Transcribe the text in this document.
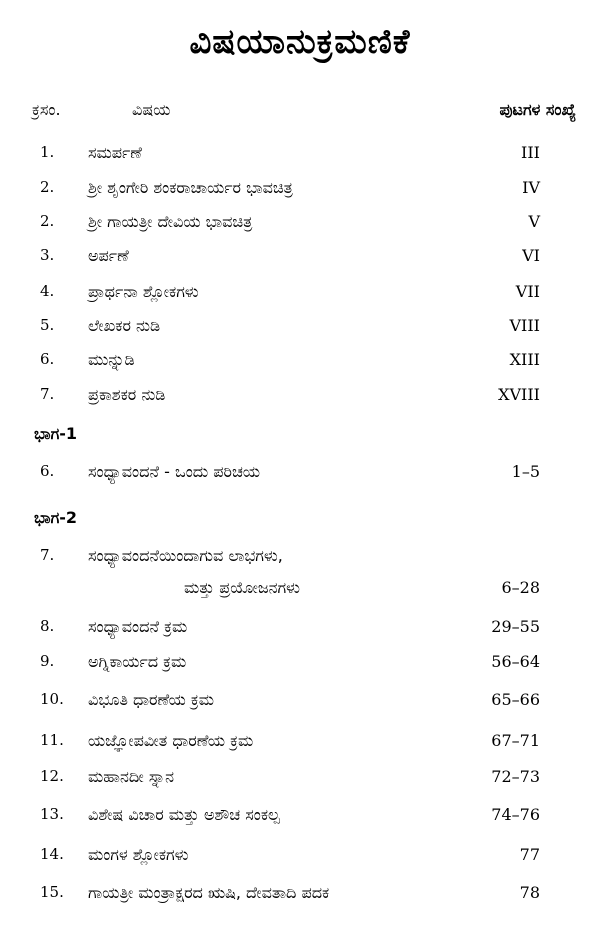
ವಿಷಯಾನುಕ್ರಮಣಿಕೆ
ಕ್ರಸಂ.	ವಿಷಯ	ಪುಟಗಳ ಸಂಖ್ಯೆ
1. ಸಮರ್ಪಣೆ	III
2. ಶ್ರೀ ಶೃಂಗೇರಿ ಶಂಕರಾಚಾರ್ಯರ ಭಾವಚಿತ್ರ	IV
2. ಶ್ರೀ ಗಾಯತ್ರೀ ದೇವಿಯ ಭಾವಚಿತ್ರ	V
3. ಅರ್ಪಣೆ	VI
4. ಪ್ರಾರ್ಥನಾ ಶ್ಲೋಕಗಳು	VII
5. ಲೇಖಕರ ನುಡಿ	VIII
6. ಮುನ್ನುಡಿ	XIII
7. ಪ್ರಕಾಶಕರ ನುಡಿ	XVIII
ಭಾಗ-1
6. ಸಂಧ್ಯಾವಂದನೆ - ಒಂದು ಪರಿಚಯ	1–5
ಭಾಗ-2
7. ಸಂಧ್ಯಾವಂದನೆಯಿಂದಾಗುವ ಲಾಭಗಳು,
ಮತ್ತು ಪ್ರಯೋಜನಗಳು	6–28
8. ಸಂಧ್ಯಾವಂದನೆ ಕ್ರಮ	29–55
9. ಅಗ್ನಿಕಾರ್ಯದ ಕ್ರಮ	56–64
10. ವಿಭೂತಿ ಧಾರಣೆಯ ಕ್ರಮ	65–66
11. ಯಜ್ಞೋಪವೀತ ಧಾರಣೆಯ ಕ್ರಮ	67–71
12. ಮಹಾನದೀ ಸ್ನಾನ	72–73
13. ವಿಶೇಷ ವಿಚಾರ ಮತ್ತು ಅಶೌಚ ಸಂಕಲ್ಪ	74–76
14. ಮಂಗಳ ಶ್ಲೋಕಗಳು	77
15. ಗಾಯತ್ರೀ ಮಂತ್ರಾಕ್ಷರದ ಋಷಿ, ದೇವತಾದಿ ಪದಕ	78
